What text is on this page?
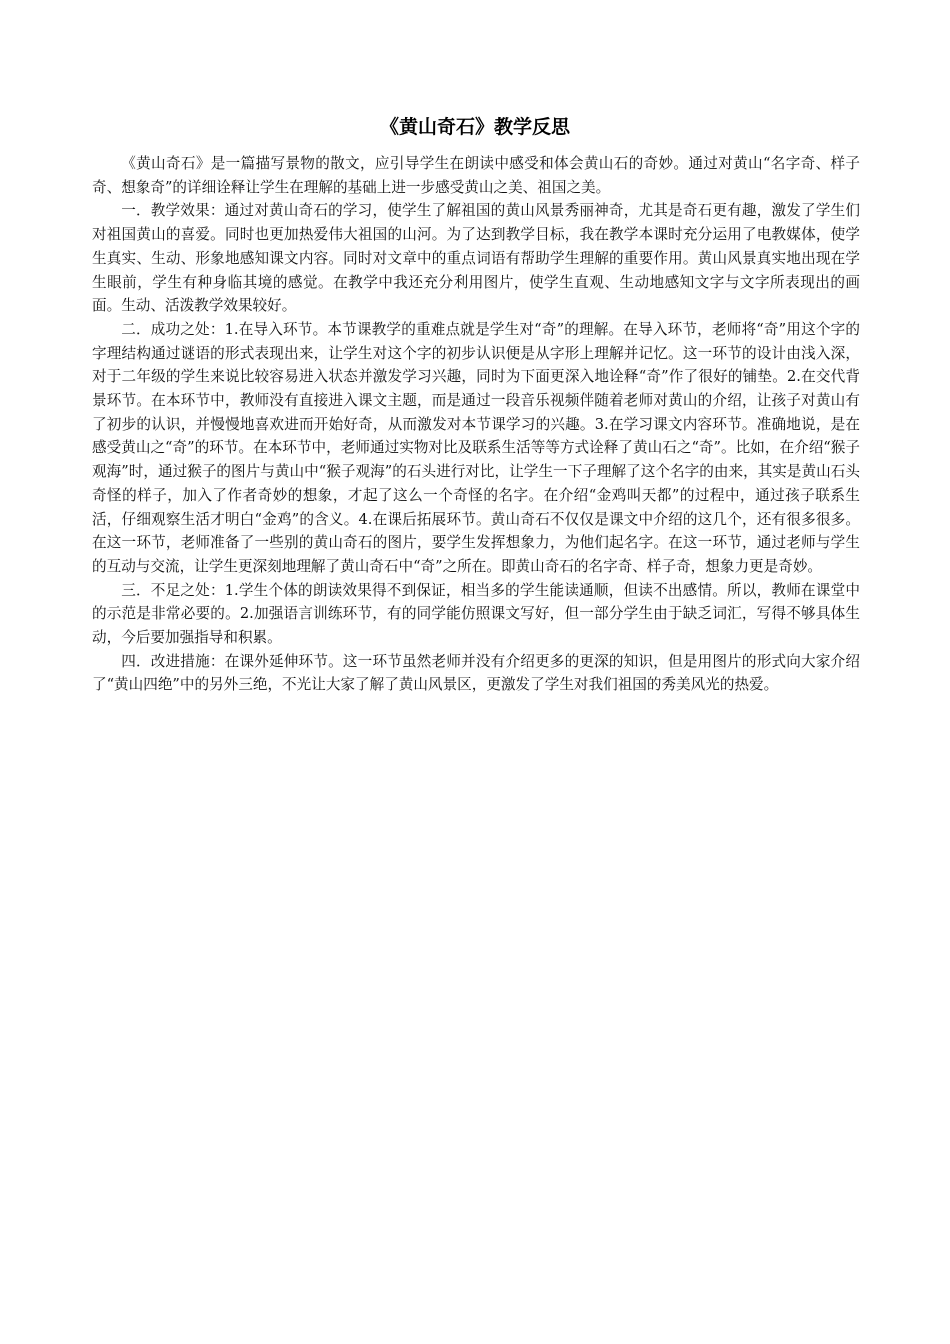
《黄山奇石》教学反思

《黄山奇石》是一篇描写景物的散文，应引导学生在朗读中感受和体会黄山石的奇妙。通过对黄山“名字奇、样子奇、想象奇”的详细诠释让学生在理解的基础上进一步感受黄山之美、祖国之美。

一．教学效果：通过对黄山奇石的学习，使学生了解祖国的黄山风景秀丽神奇，尤其是奇石更有趣，激发了学生们对祖国黄山的喜爱。同时也更加热爱伟大祖国的山河。为了达到教学目标，我在教学本课时充分运用了电教媒体，使学生真实、生动、形象地感知课文内容。同时对文章中的重点词语有帮助学生理解的重要作用。黄山风景真实地出现在学生眼前，学生有种身临其境的感觉。在教学中我还充分利用图片，使学生直观、生动地感知文字与文字所表现出的画面。生动、活泼教学效果较好。

二．成功之处：1.在导入环节。本节课教学的重难点就是学生对“奇”的理解。在导入环节，老师将“奇”用这个字的字理结构通过谜语的形式表现出来，让学生对这个字的初步认识便是从字形上理解并记忆。这一环节的设计由浅入深，对于二年级的学生来说比较容易进入状态并激发学习兴趣，同时为下面更深入地诠释“奇”作了很好的铺垫。2.在交代背景环节。在本环节中，教师没有直接进入课文主题，而是通过一段音乐视频伴随着老师对黄山的介绍，让孩子对黄山有了初步的认识，并慢慢地喜欢进而开始好奇，从而激发对本节课学习的兴趣。3.在学习课文内容环节。准确地说，是在感受黄山之“奇”的环节。在本环节中，老师通过实物对比及联系生活等等方式诠释了黄山石之“奇”。比如，在介绍“猴子观海”时，通过猴子的图片与黄山中“猴子观海”的石头进行对比，让学生一下子理解了这个名字的由来，其实是黄山石头奇怪的样子，加入了作者奇妙的想象，才起了这么一个奇怪的名字。在介绍“金鸡叫天都”的过程中，通过孩子联系生活，仔细观察生活才明白“金鸡”的含义。4.在课后拓展环节。黄山奇石不仅仅是课文中介绍的这几个，还有很多很多。在这一环节，老师准备了一些别的黄山奇石的图片，要学生发挥想象力，为他们起名字。在这一环节，通过老师与学生的互动与交流，让学生更深刻地理解了黄山奇石中“奇”之所在。即黄山奇石的名字奇、样子奇，想象力更是奇妙。

三．不足之处：1.学生个体的朗读效果得不到保证，相当多的学生能读通顺，但读不出感情。所以，教师在课堂中的示范是非常必要的。2.加强语言训练环节，有的同学能仿照课文写好，但一部分学生由于缺乏词汇，写得不够具体生动，今后要加强指导和积累。

四．改进措施：在课外延伸环节。这一环节虽然老师并没有介绍更多的更深的知识，但是用图片的形式向大家介绍了“黄山四绝”中的另外三绝，不光让大家了解了黄山风景区，更激发了学生对我们祖国的秀美风光的热爱。
